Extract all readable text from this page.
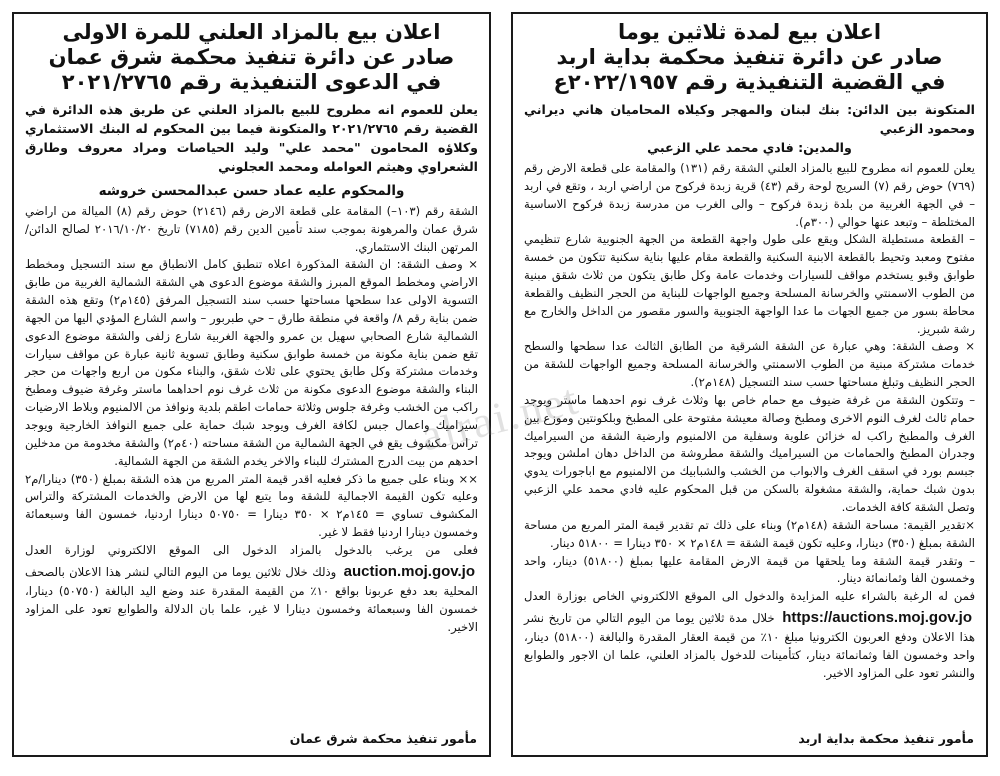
اعلان بيع لمدة ثلاثين يوما
صادر عن دائرة تنفيذ محكمة بداية اربد
في القضية التنفيذية رقم ٢٠٢٢/١٩٥٧ع
المتكونة بين الدائن: بنك لبنان والمهجر وكيلاه المحاميان هاني ديراني ومحمود الزعبي
والمدين: فادي محمد علي الزعبي

يعلن للعموم انه مطروح للبيع بالمزاد العلني الشقة رقم (١٣١) والمقامة على قطعة الارض رقم (٧٦٩) حوض رقم (٧) السريج لوحة رقم (٤٣) قرية زبدة فركوح من اراضي اربد ، وتقع في اربد – في الجهة الغربية من بلدة زبدة فركوح – والى الغرب من مدرسة زبدة فركوح الاساسية المختلطة – وتبعد عنها حوالي (٣٠٠م).

– القطعة مستطيلة الشكل ويقع على طول واجهة القطعة من الجهة الجنوبية شارع تنظيمي مفتوح ومعبد وتحيط بالقطعة الابنية السكنية والقطعة مقام عليها بناية سكنية تتكون من خمسة طوابق وقبو يستخدم مواقف للسيارات وخدمات عامة وكل طابق يتكون من ثلاث شقق مبنية من الطوب الاسمنتي والخرسانة المسلحة وجميع الواجهات للبناية من الحجر النظيف والقطعة محاطة بسور من جميع الجهات ما عدا الواجهة الجنوبية والسور مقصور من الداخل والخارج مع رشة شبريز.

× وصف الشقة: وهي عبارة عن الشقة الشرقية من الطابق الثالث عدا سطحها والسطح خدمات مشتركة مبنية من الطوب الاسمنتي والخرسانة المسلحة وجميع الواجهات للشقة من الحجر النظيف وتبلغ مساحتها حسب سند التسجيل (١٤٨م٢).

– وتتكون الشقة من غرفة ضيوف مع حمام خاص بها وثلاث غرف نوم احدهما ماستر ويوجد حمام ثالث لغرف النوم الاخرى ومطبخ وصالة معيشة مفتوحة على المطبخ وبلكونتين وموزع بين الغرف والمطبخ راكب له خزائن علوية وسفلية من الالمنيوم وارضية الشقة من السيراميك وجدران المطبخ والحمامات من السيراميك والشقة مطروشة من الداخل دهان املشن ويوجد جبسم بورد في اسقف الغرف والابواب من الخشب والشبابيك من الالمنيوم مع اباجورات يدوي بدون شبك حماية، والشقة مشغولة بالسكن من قبل المحكوم عليه فادي محمد علي الزعبي وتصل الشقة كافة الخدمات.

×تقدير القيمة: مساحة الشقة (١٤٨م٢) وبناء على ذلك تم تقدير قيمة المتر المربع من مساحة الشقة بمبلغ (٣٥٠) دينارا، وعليه تكون قيمة الشقة = ١٤٨م٢ × ٣٥٠ دينارا = ٥١٨٠٠ دينار.

– وتقدر قيمة الشقة وما يلحقها من قيمة الارض المقامة عليها بمبلغ (٥١٨٠٠) دينار، واحد وخمسون الفا وثمانمائة دينار.

فمن له الرغبة بالشراء عليه المزايدة والدخول الى الموقع الالكتروني الخاص بوزارة العدل https://auctions.moj.gov.jo خلال مدة ثلاثين يوما من اليوم التالي من تاريخ نشر هذا الاعلان ودفع العربون الكترونيا مبلغ ١٠٪ من قيمة العقار المقدرة والبالغة (٥١٨٠٠) دينار، واحد وخمسون الفا وثمانمائة دينار، كتأمينات للدخول بالمزاد العلني، علما ان الاجور والطوابع والنشر تعود على المزاود الاخير.

مأمور تنفيذ محكمة بداية اربد
اعلان بيع بالمزاد العلني للمرة الاولى
صادر عن دائرة تنفيذ محكمة شرق عمان
في الدعوى التنفيذية رقم ٢٠٢١/٢٧٦٥
يعلن للعموم انه مطروح للبيع بالمزاد العلني عن طريق هذه الدائرة في القضية رقم ٢٠٢١/٢٧٦٥ والمتكونة فيما بين المحكوم له البنك الاستثماري وكلاؤه المحامون "محمد علي" وليد الحياصات ومراد معروف وطارق الشعراوي وهيثم العوامله ومحمد العجلوني
والمحكوم عليه عماد حسن عبدالمحسن خروشه

الشقة رقم (١٠٣–) المقامة على قطعة الارض رقم (٢١٤٦) حوض رقم (٨) الميالة من اراضي شرق عمان والمرهونة بموجب سند تأمين الدين رقم (٧١٨٥) تاريخ ٢٠١٦/١٠/٢٠ لصالح الدائن/المرتهن البنك الاستثماري.

× وصف الشقة: ان الشقة المذكورة اعلاه تنطبق كامل الانطباق مع سند التسجيل ومخطط الاراضي ومخطط الموقع المبرز والشقة موضوع الدعوى هي الشقة الشمالية الغربية من طابق التسوية الاولى عدا سطحها مساحتها حسب سند التسجيل المرفق (١٤٥م٢) وتقع هذه الشقة ضمن بناية رقم ٨/ واقعة في منطقة طارق – حي طبربور – واسم الشارع المؤدي اليها من الجهة الشمالية شارع الصحابي سهيل بن عمرو والجهة الغربية شارع زلفى والشقة موضوع الدعوى تقع ضمن بناية مكونة من خمسة طوابق سكنية وطابق تسوية ثانية عبارة عن مواقف سيارات وخدمات مشتركة وكل طابق يحتوي على ثلاث شقق، والبناء مكون من اربع واجهات من حجر البناء والشقة موضوع الدعوى مكونة من ثلاث غرف نوم احداهما ماستر وغرفة ضيوف ومطبخ راكب من الخشب وغرفة جلوس وثلاثة حمامات اطقم بلدية ونوافذ من الالمنيوم وبلاط الارضيات سيراميك واعمال جبس لكافة الغرف ويوجد شبك حماية على جميع النوافذ الخارجية ويوجد تراس مكشوف يقع في الجهة الشمالية من الشقة مساحته (٤٠م٢) والشقة مخدومة من مدخلين احدهم من بيت الدرج المشترك للبناء والاخر يخدم الشقة من الجهة الشمالية.

×× وبناء على جميع ما ذكر فعليه اقدر قيمة المتر المربع من هذه الشقة بمبلغ (٣٥٠) دينارا/م٢ وعليه تكون القيمة الاجمالية للشقة وما يتبع لها من الارض والخدمات المشتركة والتراس المكشوف تساوي = ١٤٥م٢ × ٣٥٠ دينارا = ٥٠٧٥٠ دينارا اردنيا، خمسون الفا وسبعمائة وخمسون دينارا اردنيا فقط لا غير.

فعلى من يرغب بالدخول بالمزاد الدخول الى الموقع الالكتروني لوزارة العدل auction.moj.gov.jo وذلك خلال ثلاثين يوما من اليوم التالي لنشر هذا الاعلان بالصحف المحلية بعد دفع عربونا بواقع ١٠٪ من القيمة المقدرة عند وضع اليد البالغة (٥٠٧٥٠) دينارا، خمسون الفا وسبعمائة وخمسون دينارا لا غير، علما بان الدلالة والطوابع تعود على المزاود الاخير.

مأمور تنفيذ محكمة شرق عمان
alrai.net
